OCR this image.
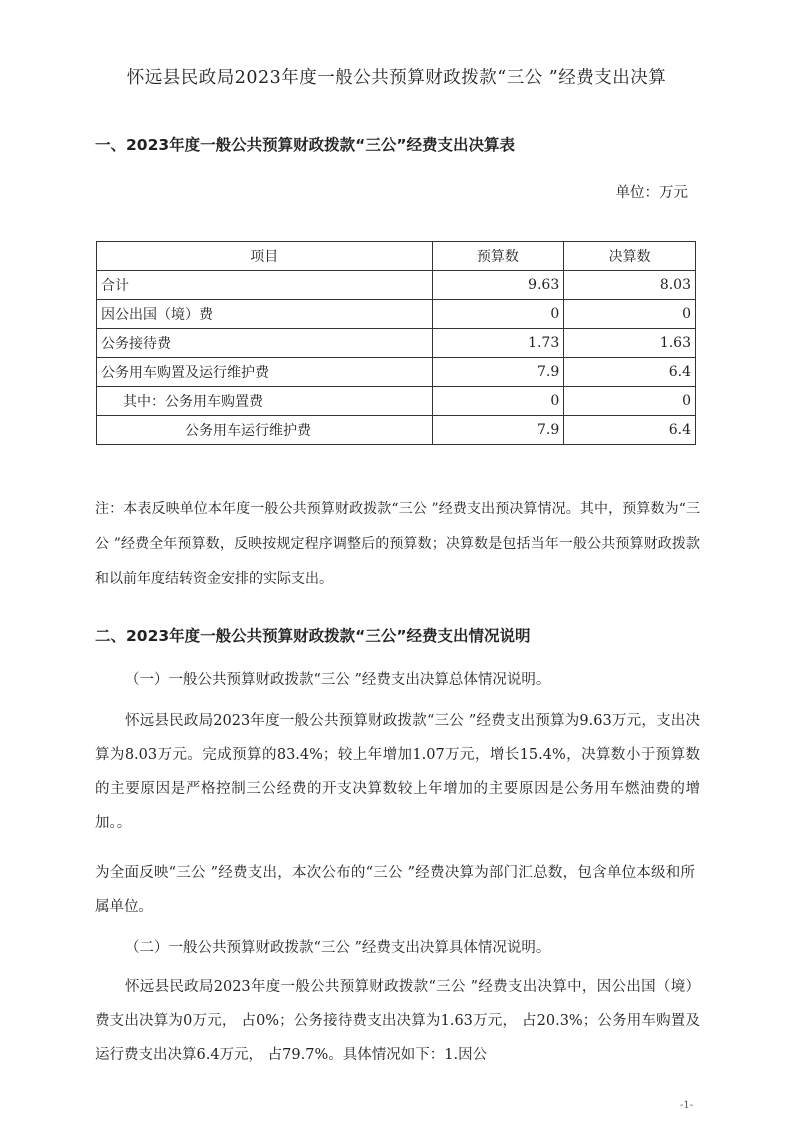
怀远县民政局2023年度一般公共预算财政拨款“三公 ”经费支出决算
一、2023年度一般公共预算财政拨款“三公”经费支出决算表
单位：万元
项目	预算数	决算数
合计	9.63	8.03
因公出国（境）费	0	0
公务接待费	1.73	1.63
公务用车购置及运行维护费	7.9	6.4
其中：公务用车购置费	0	0
公务用车运行维护费	7.9	6.4
注：本表反映单位本年度一般公共预算财政拨款“三公 ”经费支出预决算情况。其中，预算数为“三公 ”经费全年预算数，反映按规定程序调整后的预算数；决算数是包括当年一般公共预算财政拨款和以前年度结转资金安排的实际支出。
二、2023年度一般公共预算财政拨款“三公”经费支出情况说明
（一）一般公共预算财政拨款“三公 ”经费支出决算总体情况说明。
怀远县民政局2023年度一般公共预算财政拨款“三公 ”经费支出预算为9.63万元，支出决算为8.03万元。完成预算的83.4%；较上年增加1.07万元，增长15.4%，决算数小于预算数的主要原因是严格控制三公经费的开支决算数较上年增加的主要原因是公务用车燃油费的增加。。
为全面反映“三公 ”经费支出，本次公布的“三公 ”经费决算为部门汇总数，包含单位本级和所属单位。
（二）一般公共预算财政拨款“三公 ”经费支出决算具体情况说明。
怀远县民政局2023年度一般公共预算财政拨款“三公 ”经费支出决算中，因公出国（境）费支出决算为0万元， 占0%；公务接待费支出决算为1.63万元， 占20.3%；公务用车购置及运行费支出决算6.4万元， 占79.7%。具体情况如下：1.因公
-1-
